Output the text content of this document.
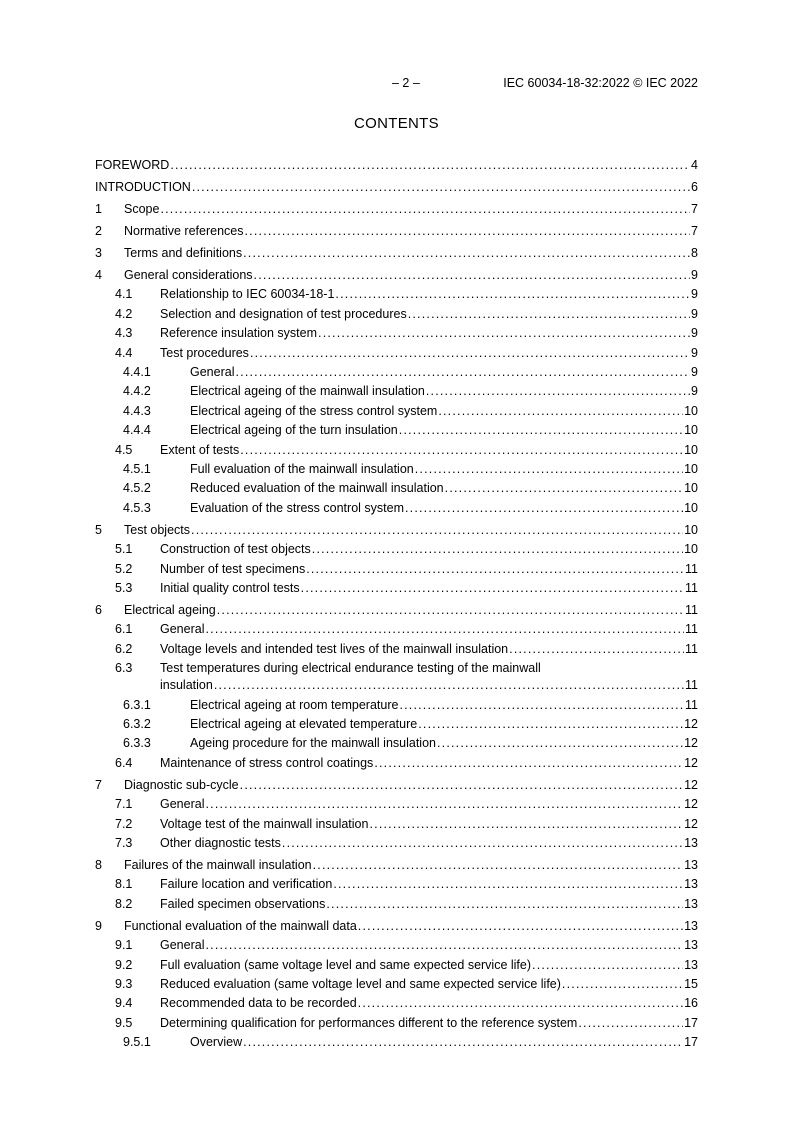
– 2 –	IEC 60034-18-32:2022 © IEC 2022
CONTENTS
FOREWORD .....	4
INTRODUCTION .....	6
1 Scope .....	7
2 Normative references .....	7
3 Terms and definitions .....	8
4 General considerations .....	9
4.1 Relationship to IEC 60034-18-1 .....	9
4.2 Selection and designation of test procedures .....	9
4.3 Reference insulation system .....	9
4.4 Test procedures .....	9
4.4.1	General .....	9
4.4.2	Electrical ageing of the mainwall insulation .....	9
4.4.3	Electrical ageing of the stress control system .....	10
4.4.4	Electrical ageing of the turn insulation .....	10
4.5 Extent of tests .....	10
4.5.1	Full evaluation of the mainwall insulation .....	10
4.5.2	Reduced evaluation of the mainwall insulation .....	10
4.5.3	Evaluation of the stress control system .....	10
5 Test objects .....	10
5.1 Construction of test objects .....	10
5.2 Number of test specimens .....	11
5.3 Initial quality control tests .....	11
6 Electrical ageing .....	11
6.1 General .....	11
6.2 Voltage levels and intended test lives of the mainwall insulation .....	11
6.3 Test temperatures during electrical endurance testing of the mainwall
insulation .....	11
6.3.1	Electrical ageing at room temperature .....	11
6.3.2	Electrical ageing at elevated temperature .....	12
6.3.3	Ageing procedure for the mainwall insulation .....	12
6.4 Maintenance of stress control coatings .....	12
7 Diagnostic sub-cycle .....	12
7.1 General .....	12
7.2 Voltage test of the mainwall insulation .....	12
7.3 Other diagnostic tests .....	13
8 Failures of the mainwall insulation .....	13
8.1 Failure location and verification .....	13
8.2 Failed specimen observations .....	13
9 Functional evaluation of the mainwall data .....	13
9.1 General .....	13
9.2 Full evaluation (same voltage level and same expected service life) .....	13
9.3 Reduced evaluation (same voltage level and same expected service life) .....	15
9.4 Recommended data to be recorded .....	16
9.5 Determining qualification for performances different to the reference system .....	17
9.5.1	Overview .....	17
